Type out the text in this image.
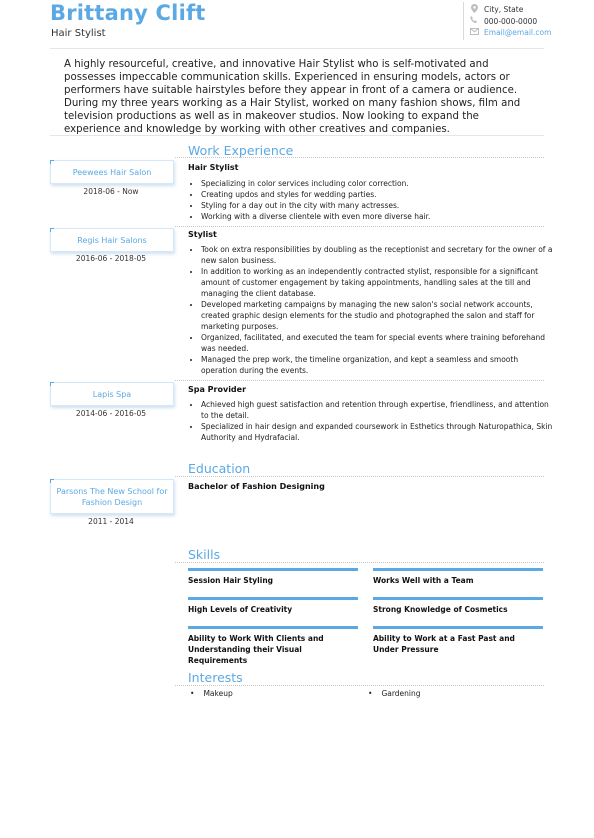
Brittany Clift
Hair Stylist
City, State
000-000-0000
Email@email.com
A highly resourceful, creative, and innovative Hair Stylist who is self-motivated and possesses impeccable communication skills. Experienced in ensuring models, actors or performers have suitable hairstyles before they appear in front of a camera or audience. During my three years working as a Hair Stylist, worked on many fashion shows, film and television productions as well as in makeover studios. Now looking to expand the experience and knowledge by working with other creatives and companies.
Work Experience
Peewees Hair Salon
2018-06 - Now
Hair Stylist
• Specializing in color services including color correction.
• Creating updos and styles for wedding parties.
• Styling for a day out in the city with many actresses.
• Working with a diverse clientele with even more diverse hair.
Regis Hair Salons
2016-06 - 2018-05
Stylist
• Took on extra responsibilities by doubling as the receptionist and secretary for the owner of a new salon business.
• In addition to working as an independently contracted stylist, responsible for a significant amount of customer engagement by taking appointments, handling sales at the till and managing the client database.
• Developed marketing campaigns by managing the new salon's social network accounts, created graphic design elements for the studio and photographed the salon and staff for marketing purposes.
• Organized, facilitated, and executed the team for special events where training beforehand was needed.
• Managed the prep work, the timeline organization, and kept a seamless and smooth operation during the events.
Lapis Spa
2014-06 - 2016-05
Spa Provider
• Achieved high guest satisfaction and retention through expertise, friendliness, and attention to the detail.
• Specialized in hair design and expanded coursework in Esthetics through Naturopathica, Skin Authority and Hydrafacial.
Education
Parsons The New School for Fashion Design
2011 - 2014
Bachelor of Fashion Designing
Skills
Session Hair Styling	Works Well with a Team
High Levels of Creativity	Strong Knowledge of Cosmetics
Ability to Work With Clients and Understanding their Visual Requirements
Ability to Work at a Fast Past and Under Pressure
Interests
• Makeup
•	Gardening
